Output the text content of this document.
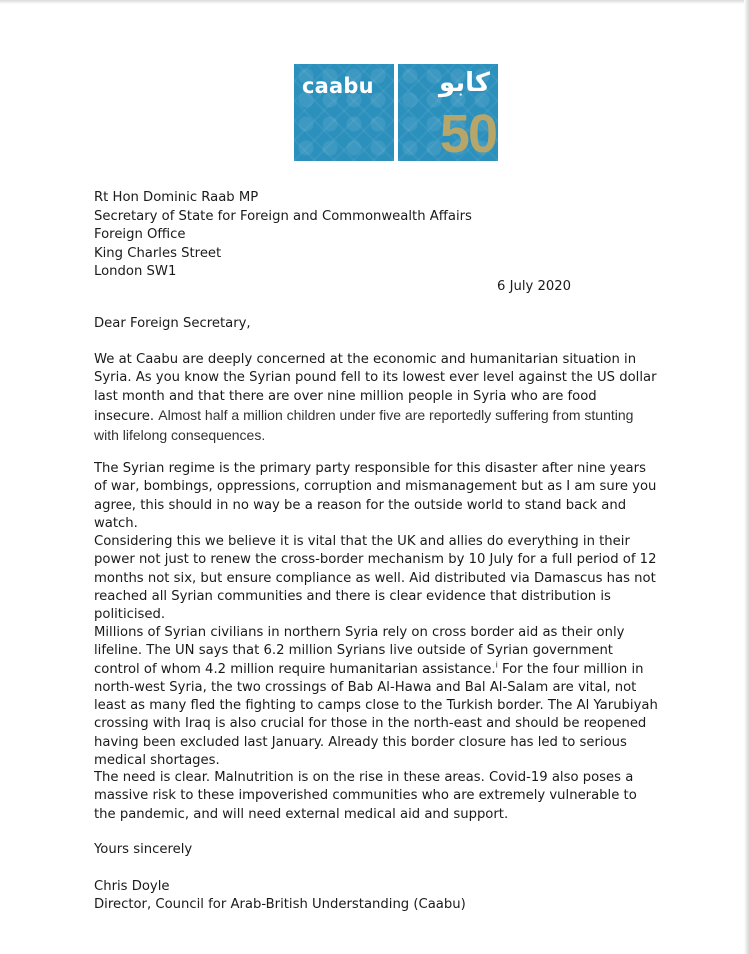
caabu	كابو
50
Rt Hon Dominic Raab MP
Secretary of State for Foreign and Commonwealth Affairs
Foreign Office
King Charles Street
London SW1
6 July 2020
Dear Foreign Secretary,
We at Caabu are deeply concerned at the economic and humanitarian situation in Syria. As you know the Syrian pound fell to its lowest ever level against the US dollar last month and that there are over nine million people in Syria who are food insecure. Almost half a million children under five are reportedly suffering from stunting with lifelong consequences.
The Syrian regime is the primary party responsible for this disaster after nine years of war, bombings, oppressions, corruption and mismanagement but as I am sure you agree, this should in no way be a reason for the outside world to stand back and watch.
Considering this we believe it is vital that the UK and allies do everything in their power not just to renew the cross-border mechanism by 10 July for a full period of 12 months not six, but ensure compliance as well. Aid distributed via Damascus has not reached all Syrian communities and there is clear evidence that distribution is politicised.
Millions of Syrian civilians in northern Syria rely on cross border aid as their only lifeline. The UN says that 6.2 million Syrians live outside of Syrian government control of whom 4.2 million require humanitarian assistance.$^i$ For the four million in north-west Syria, the two crossings of Bab Al-Hawa and Bal Al-Salam are vital, not least as many fled the fighting to camps close to the Turkish border. The Al Yarubiyah crossing with Iraq is also crucial for those in the north-east and should be reopened having been excluded last January. Already this border closure has led to serious medical shortages.
The need is clear. Malnutrition is on the rise in these areas. Covid-19 also poses a massive risk to these impoverished communities who are extremely vulnerable to the pandemic, and will need external medical aid and support.
Yours sincerely
Chris Doyle
Director, Council for Arab-British Understanding (Caabu)
